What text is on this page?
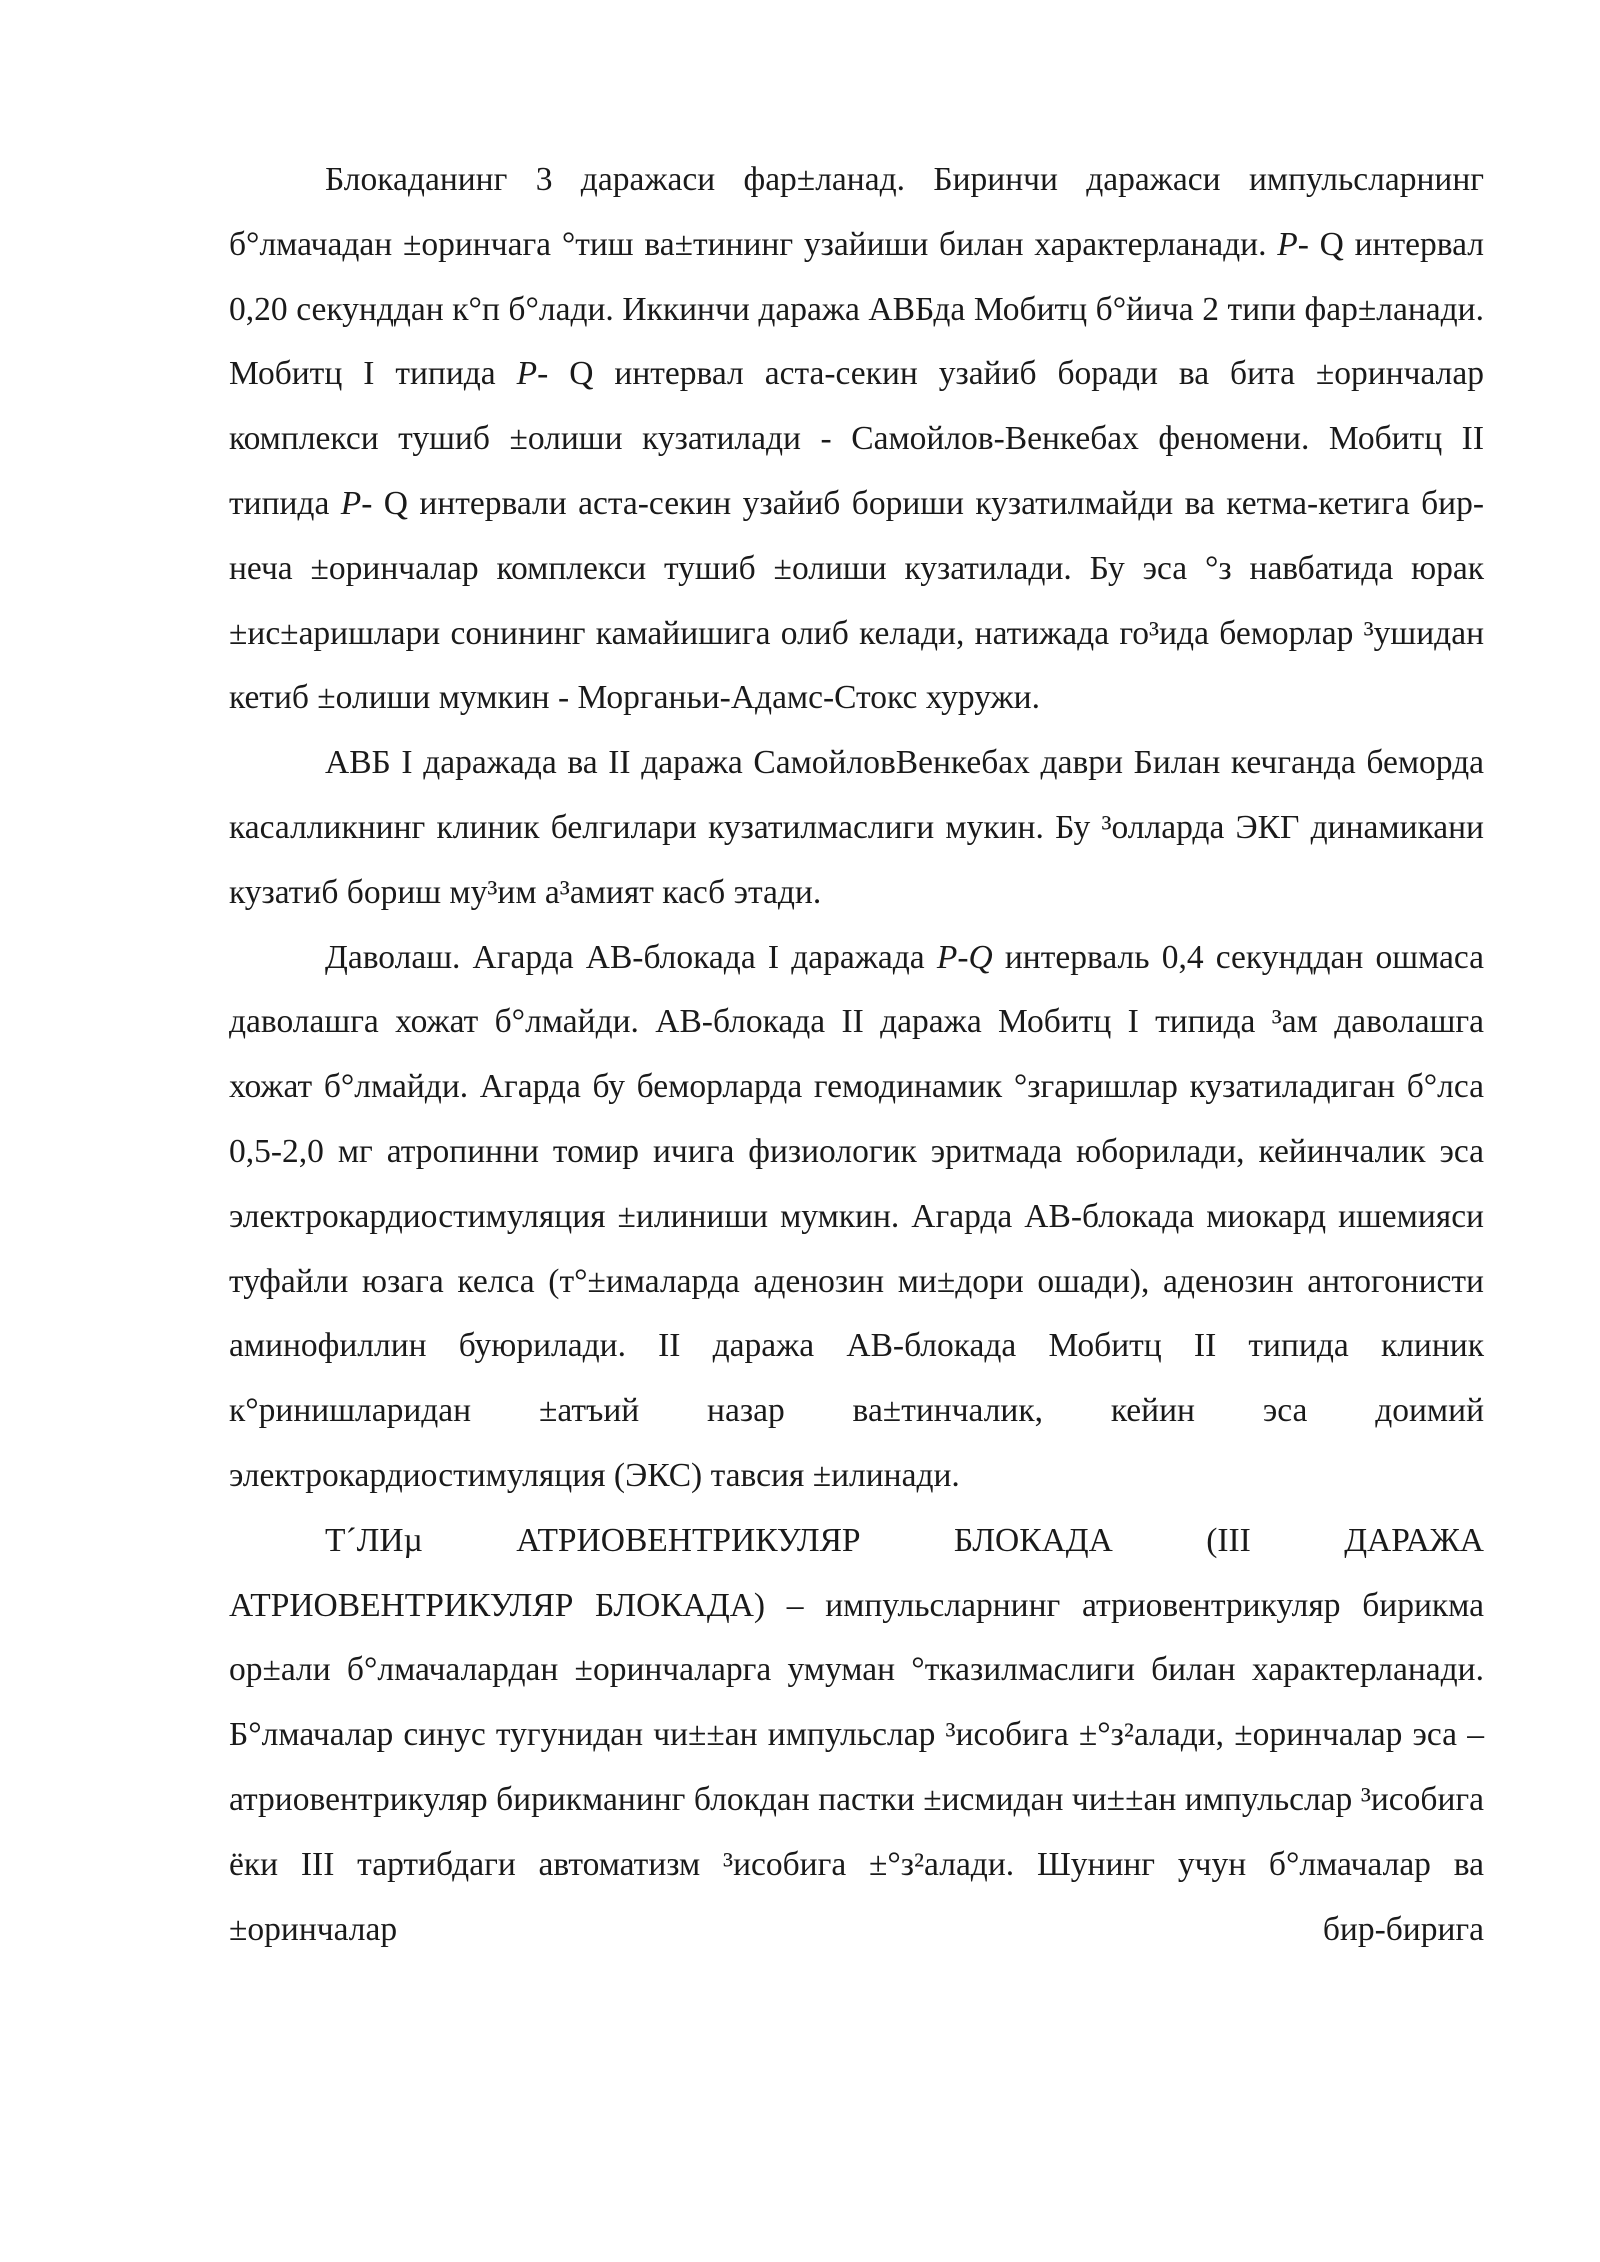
Блокаданинг 3 даражаси фар±ланад. Биринчи даражаси импульсларнинг б°лмачадан ±оринчага °тиш ва±тининг узайиши билан характерланади. P- Q интервал 0,20 секунддан к°п б°лади. Иккинчи даража АВБда Мобитц б°йича 2 типи фар±ланади. Мобитц I типида P- Q интервал аста-секин узайиб боради ва бита ±оринчалар комплекси тушиб ±олиши кузатилади - Самойлов-Венкебах феномени. Мобитц II типида P- Q интервали аста-секин узайиб бориши кузатилмайди ва кетма-кетига бир-неча ±оринчалар комплекси тушиб ±олиши кузатилади. Бу эса °з навбатида юрак ±ис±аришлари сонининг камайишига олиб келади, натижада го³ида беморлар ³ушидан кетиб ±олиши мумкин - Морганьи-Адамс-Стокс хуружи.

АВБ I даражада ва II даража СамойловВенкебах даври Билан кечганда беморда касалликнинг клиник белгилари кузатилмаслиги мукин. Бу ³олларда ЭКГ динамикани кузатиб бориш му³им а³амият касб этади.

Даволаш. Агарда АВ-блокада I даражада P-Q интерваль 0,4 секунддан ошмаса даволашга хожат б°лмайди. АВ-блокада II даража Мобитц I типида ³ам даволашга хожат б°лмайди. Агарда бу беморларда гемодинамик °згаришлар кузатиладиган б°лса 0,5-2,0 мг атропинни томир ичига физиологик эритмада юборилади, кейинчалик эса электрокардиостимуляция ±илиниши мумкин. Агарда АВ-блокада миокард ишемияси туфайли юзага келса (т°±ималарда аденозин ми±дори ошади), аденозин антогонисти аминофиллин буюрилади. II даража АВ-блокада Мобитц II типида клиник к°ринишларидан ±атъий назар ва±тинчалик, кейин эса доимий электрокардиостимуляция (ЭКС) тавсия ±илинади.

Т´ЛИµ АТРИОВЕНТРИКУЛЯР БЛОКАДА (III ДАРАЖА АТРИОВЕНТРИКУЛЯР БЛОКАДА) – импульсларнинг атриовентрикуляр бирикма ор±али б°лмачалардан ±оринчаларга умуман °тказилмаслиги билан характерланади. Б°лмачалар синус тугунидан чи±±ан импульслар ³исобига ±°з²алади, ±оринчалар эса – атриовентрикуляр бирикманинг блокдан пастки ±исмидан чи±±ан импульслар ³исобига ёки III тартибдаги автоматизм ³исобига ±°з²алади. Шунинг учун б°лмачалар ва ±оринчалар бир-бирига
